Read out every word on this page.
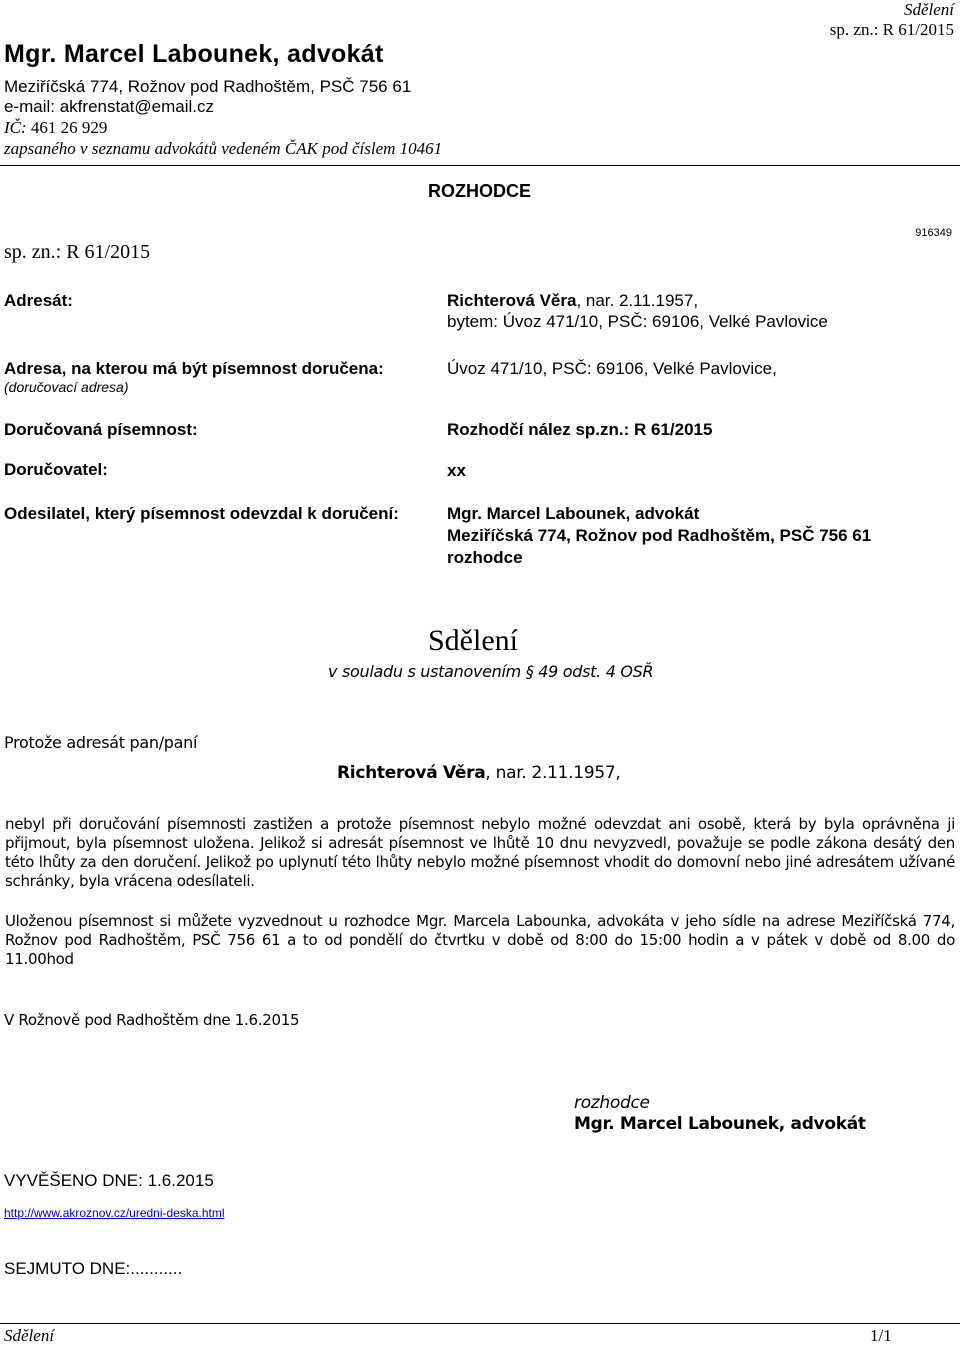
Sdělení
sp. zn.: R 61/2015
Mgr. Marcel Labounek, advokát
Meziříčská 774, Rožnov pod Radhoštěm, PSČ 756 61
e-mail: akfrenstat@email.cz
IČ: 461 26 929
zapsaného v seznamu advokátů vedeném ČAK pod číslem 10461
ROZHODCE
sp. zn.: R 61/2015
916349
Adresát:	Richterová Věra, nar. 2.11.1957,
bytem: Úvoz 471/10, PSČ: 69106, Velké Pavlovice
Adresa, na kterou má být písemnost doručena:
(doručovací adresa)
Úvoz 471/10, PSČ: 69106, Velké Pavlovice,
Doručovaná písemnost:	Rozhodčí nález sp.zn.: R 61/2015
Doručovatel:	xx
Odesilatel, který písemnost odevzdal k doručení:	Mgr. Marcel Labounek, advokát
Meziříčská 774, Rožnov pod Radhoštěm, PSČ 756 61
rozhodce
Sdělení
v souladu s ustanovením § 49 odst. 4 OSŘ
Protože adresát pan/paní
Richterová Věra, nar. 2.11.1957,
nebyl při doručování písemnosti zastižen a protože písemnost nebylo možné odevzdat ani osobě, která by byla oprávněna ji přijmout, byla písemnost uložena. Jelikož si adresát písemnost ve lhůtě 10 dnu nevyzvedl, považuje se podle zákona desátý den této lhůty za den doručení. Jelikož po uplynutí této lhůty nebylo možné písemnost vhodit do domovní nebo jiné adresátem užívané schránky, byla vrácena odesílateli.
Uloženou písemnost si můžete vyzvednout u rozhodce Mgr. Marcela Labounka, advokáta v jeho sídle na adrese Meziříčská 774, Rožnov pod Radhoštěm, PSČ 756 61 a to od pondělí do čtvrtku v době od 8:00 do 15:00 hodin a v pátek v době od 8.00 do 11.00hod
V Rožnově pod Radhoštěm dne 1.6.2015
rozhodce
Mgr. Marcel Labounek, advokát
VYVĚŠENO DNE: 1.6.2015
http://www.akroznov.cz/uredni-deska.html
SEJMUTO DNE:...........
Sdělení	1/1
